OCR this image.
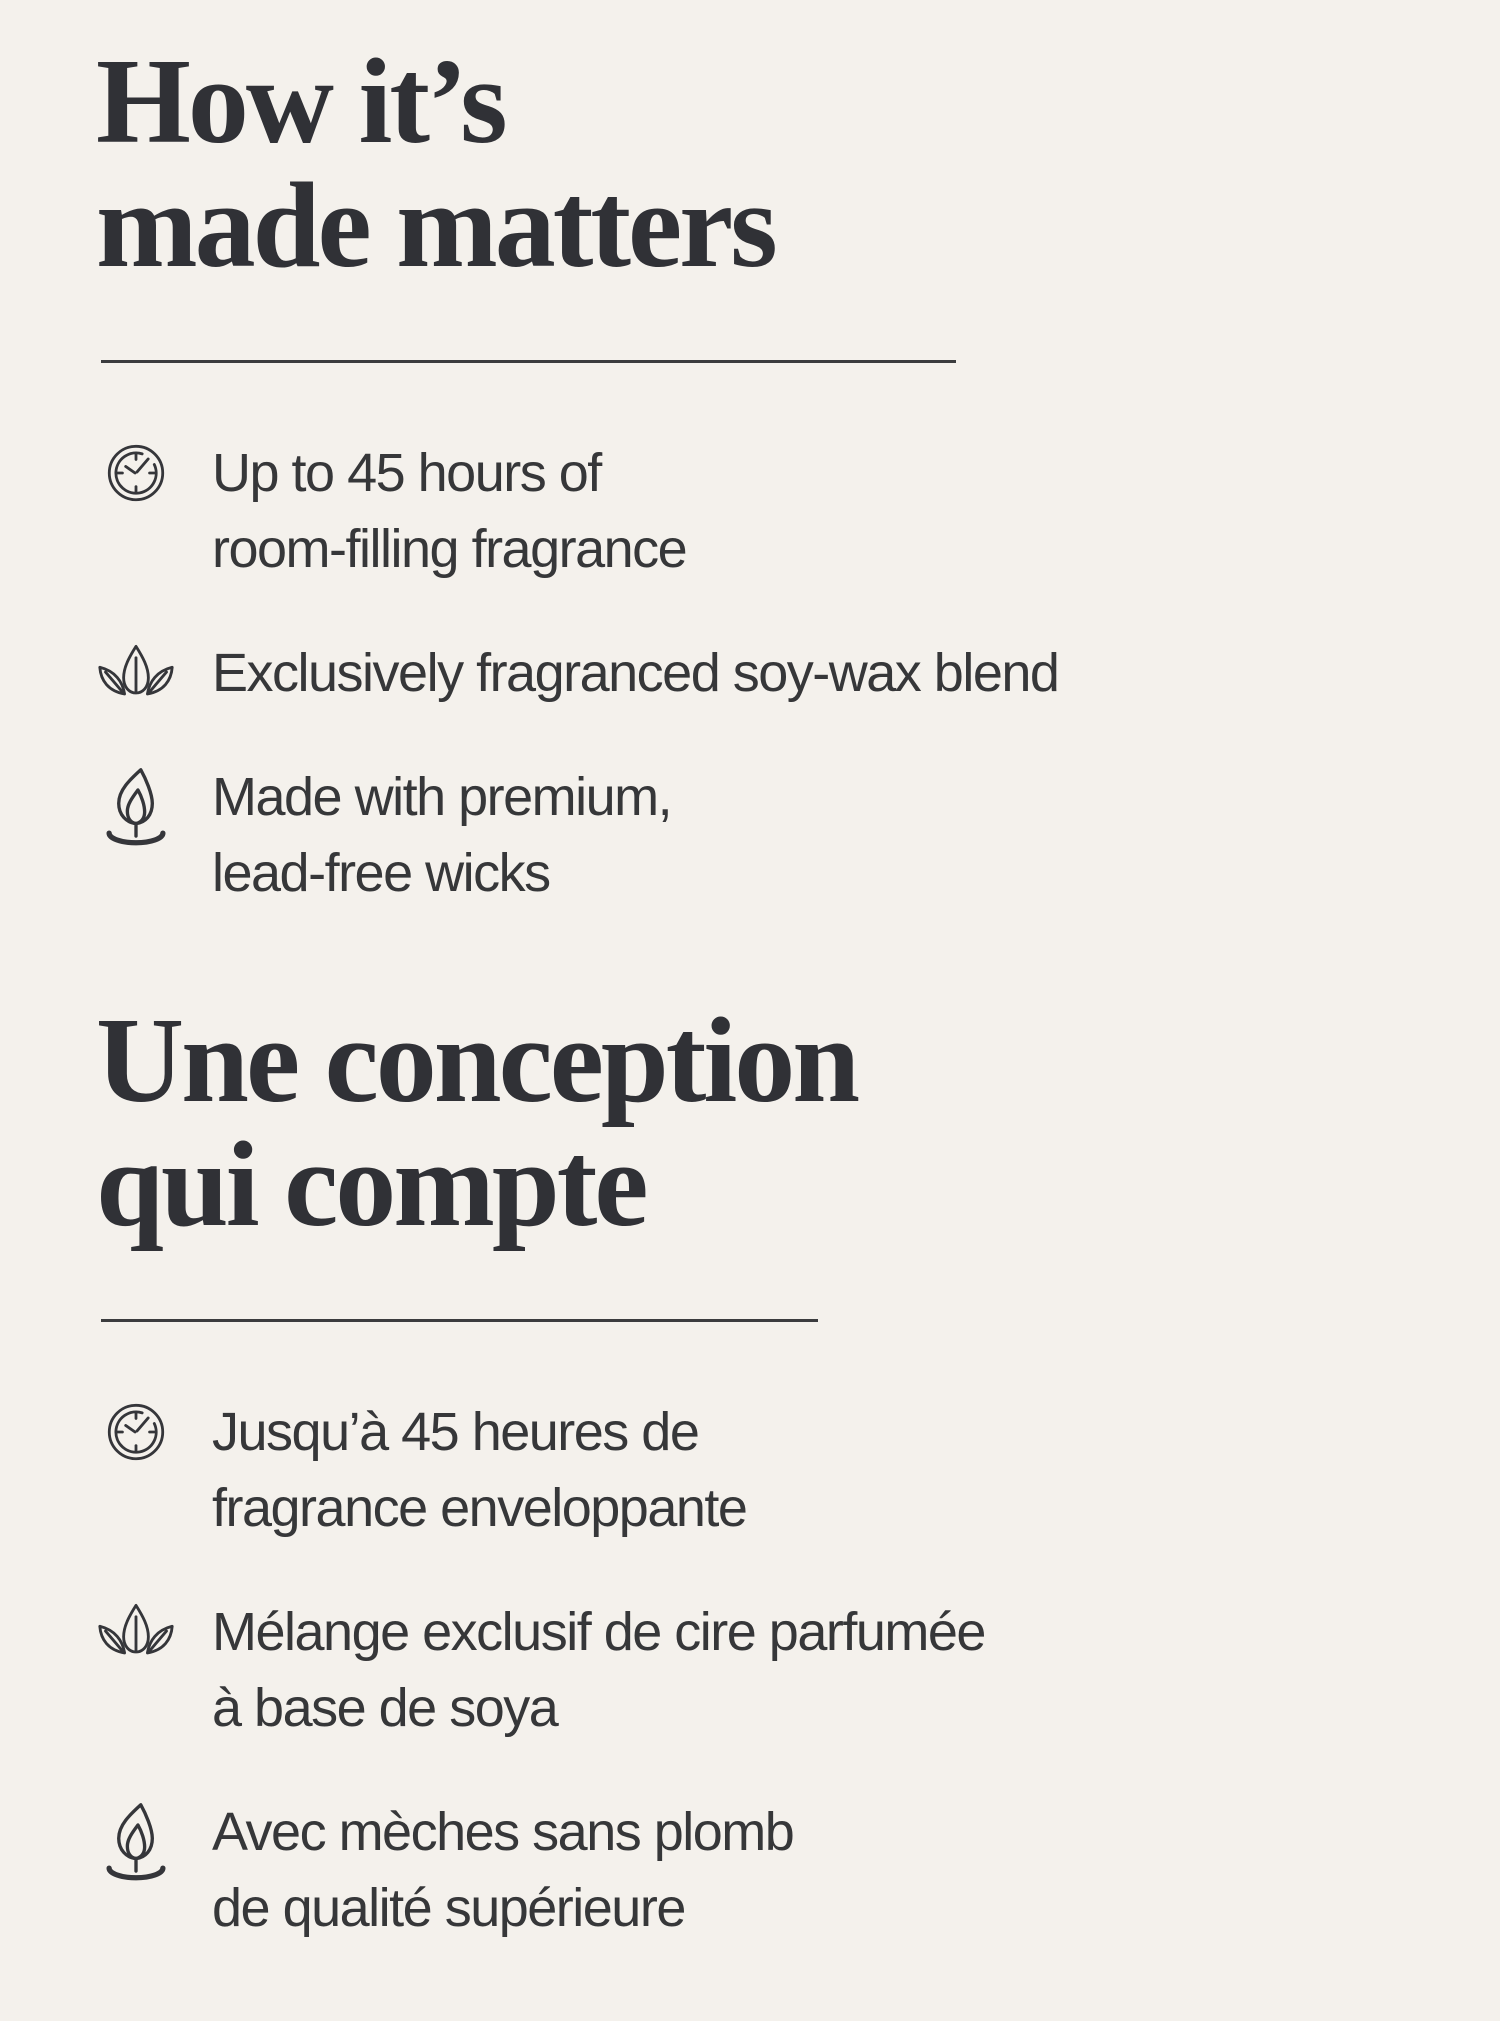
How it’s
made matters

Up to 45 hours of
room-filling fragrance

Exclusively fragranced soy-wax blend

Made with premium,
lead-free wicks

Une conception
qui compte

Jusqu’à 45 heures de
fragrance enveloppante

Mélange exclusif de cire parfumée
à base de soya

Avec mèches sans plomb
de qualité supérieure
